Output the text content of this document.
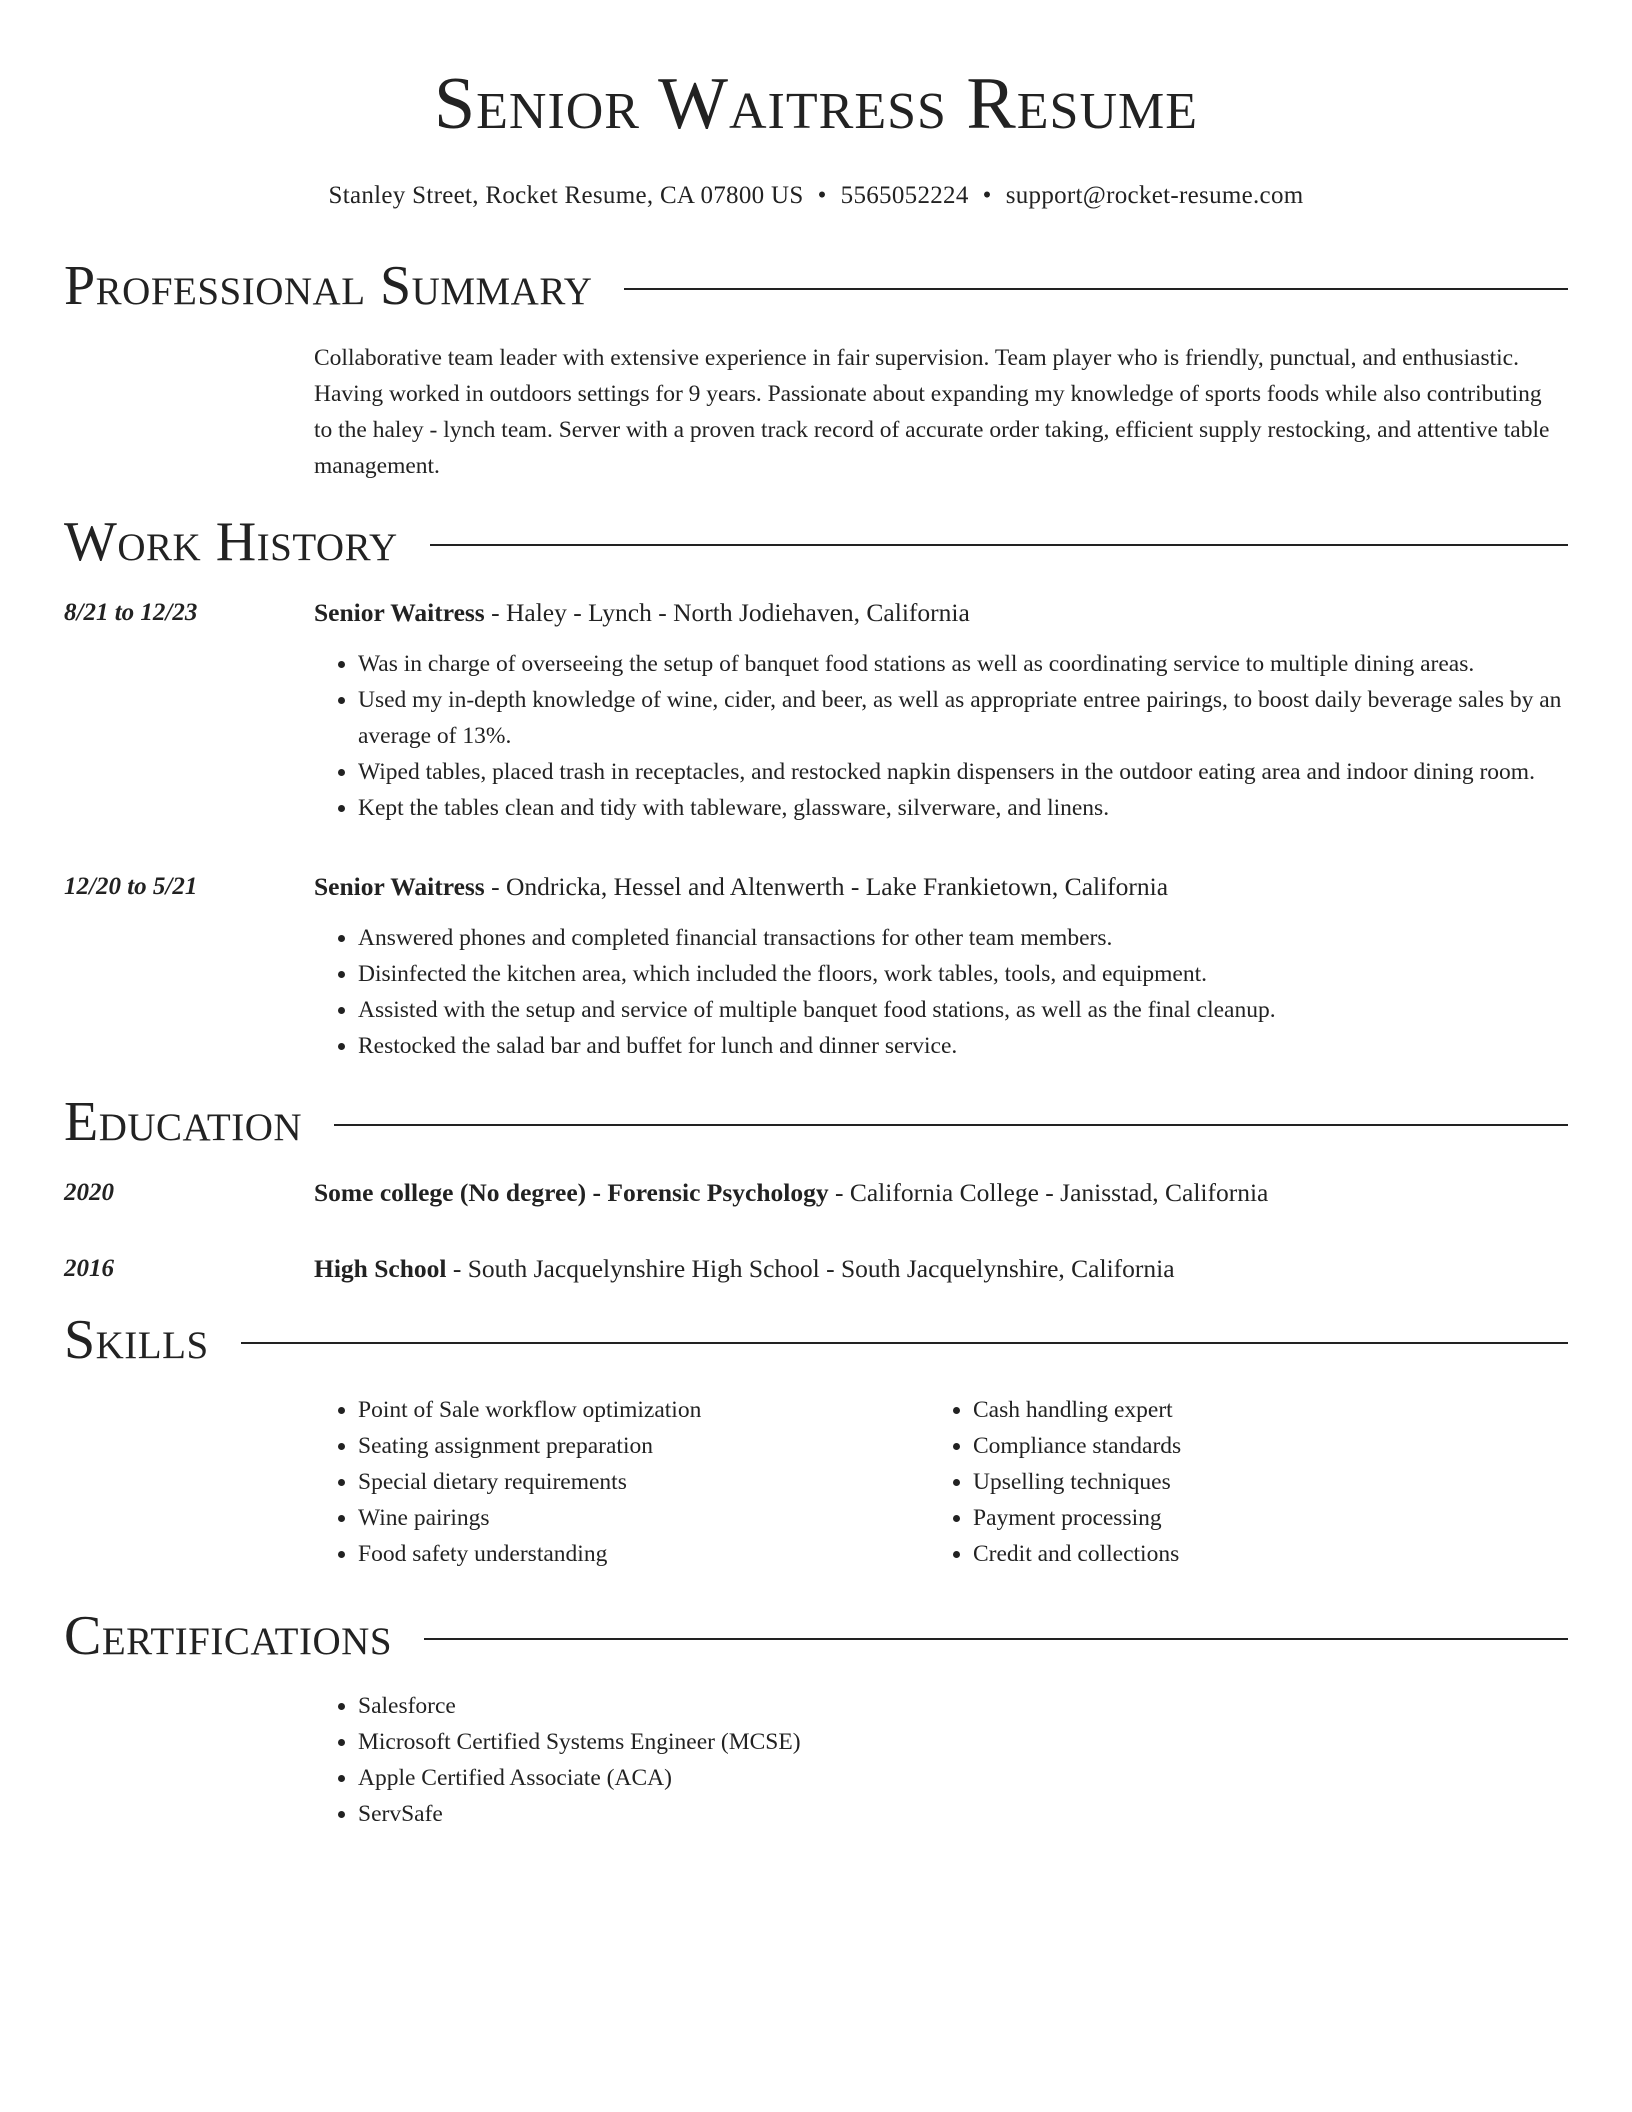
Senior Waitress Resume
Stanley Street, Rocket Resume, CA 07800 US • 5565052224 • support@rocket-resume.com
Professional Summary

Collaborative team leader with extensive experience in fair supervision. Team player who is friendly, punctual, and enthusiastic. Having worked in outdoors settings for 9 years. Passionate about expanding my knowledge of sports foods while also contributing to the haley - lynch team. Server with a proven track record of accurate order taking, efficient supply restocking, and attentive table management.

Work History
8/21 to 12/23	Senior Waitress - Haley - Lynch - North Jodiehaven, California
• Was in charge of overseeing the setup of banquet food stations as well as coordinating service to multiple dining areas.
• Used my in-depth knowledge of wine, cider, and beer, as well as appropriate entree pairings, to boost daily beverage sales by an average of 13%.
• Wiped tables, placed trash in receptacles, and restocked napkin dispensers in the outdoor eating area and indoor dining room.
• Kept the tables clean and tidy with tableware, glassware, silverware, and linens.
12/20 to 5/21	Senior Waitress - Ondricka, Hessel and Altenwerth - Lake Frankietown, California
• Answered phones and completed financial transactions for other team members.
• Disinfected the kitchen area, which included the floors, work tables, tools, and equipment.
• Assisted with the setup and service of multiple banquet food stations, as well as the final cleanup.
• Restocked the salad bar and buffet for lunch and dinner service.
Education
2020	Some college (No degree) - Forensic Psychology - California College - Janisstad, California
2016	High School - South Jacquelynshire High School - South Jacquelynshire, California
Skills
• Point of Sale workflow optimization
• Seating assignment preparation
• Special dietary requirements
• Wine pairings
• Food safety understanding
• Cash handling expert
• Compliance standards
• Upselling techniques
• Payment processing
• Credit and collections
Certifications
• Salesforce
• Microsoft Certified Systems Engineer (MCSE)
• Apple Certified Associate (ACA)
• ServSafe
